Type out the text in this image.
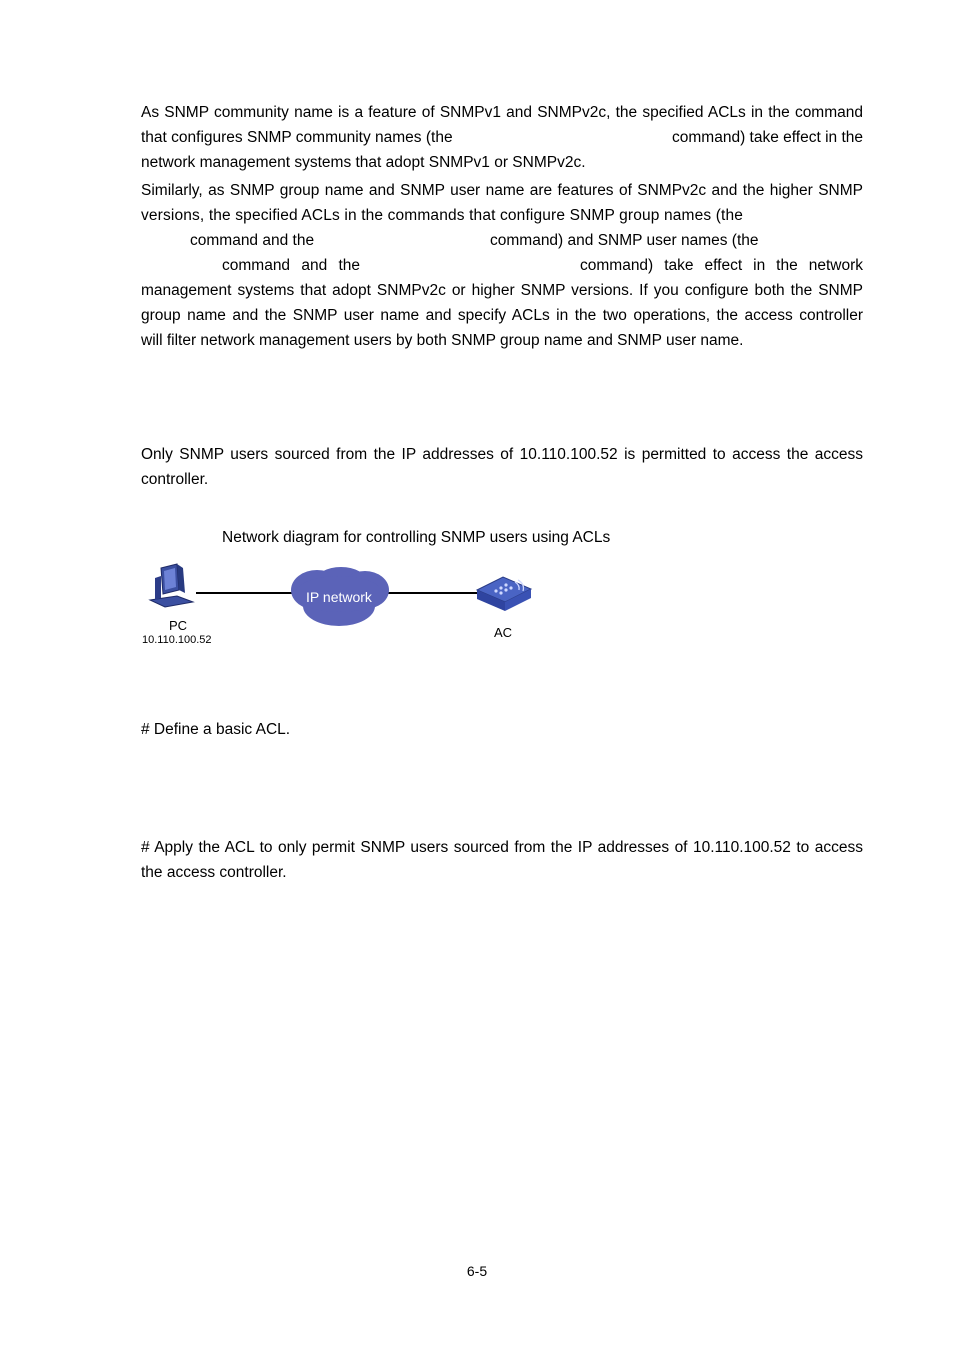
As SNMP community name is a feature of SNMPv1 and SNMPv2c, the specified ACLs in the command
that configures SNMP community names (the	command) take effect in the
network management systems that adopt SNMPv1 or SNMPv2c.
Similarly, as SNMP group name and SNMP user name are features of SNMPv2c and the higher SNMP
versions, the specified ACLs in the commands that configure SNMP group names (the
command and the	command) and SNMP user names (the
command and the	command) take effect in the network
management systems that adopt SNMPv2c or higher SNMP versions. If you configure both the SNMP
group name and the SNMP user name and specify ACLs in the two operations, the access controller
will filter network management users by both SNMP group name and SNMP user name.
Only SNMP users sourced from the IP addresses of 10.110.100.52 is permitted to access the access
controller.
Network diagram for controlling SNMP users using ACLs
IP network
PC
10.110.100.52	AC
# Define a basic ACL.
# Apply the ACL to only permit SNMP users sourced from the IP addresses of 10.110.100.52 to access
the access controller.
6-5
